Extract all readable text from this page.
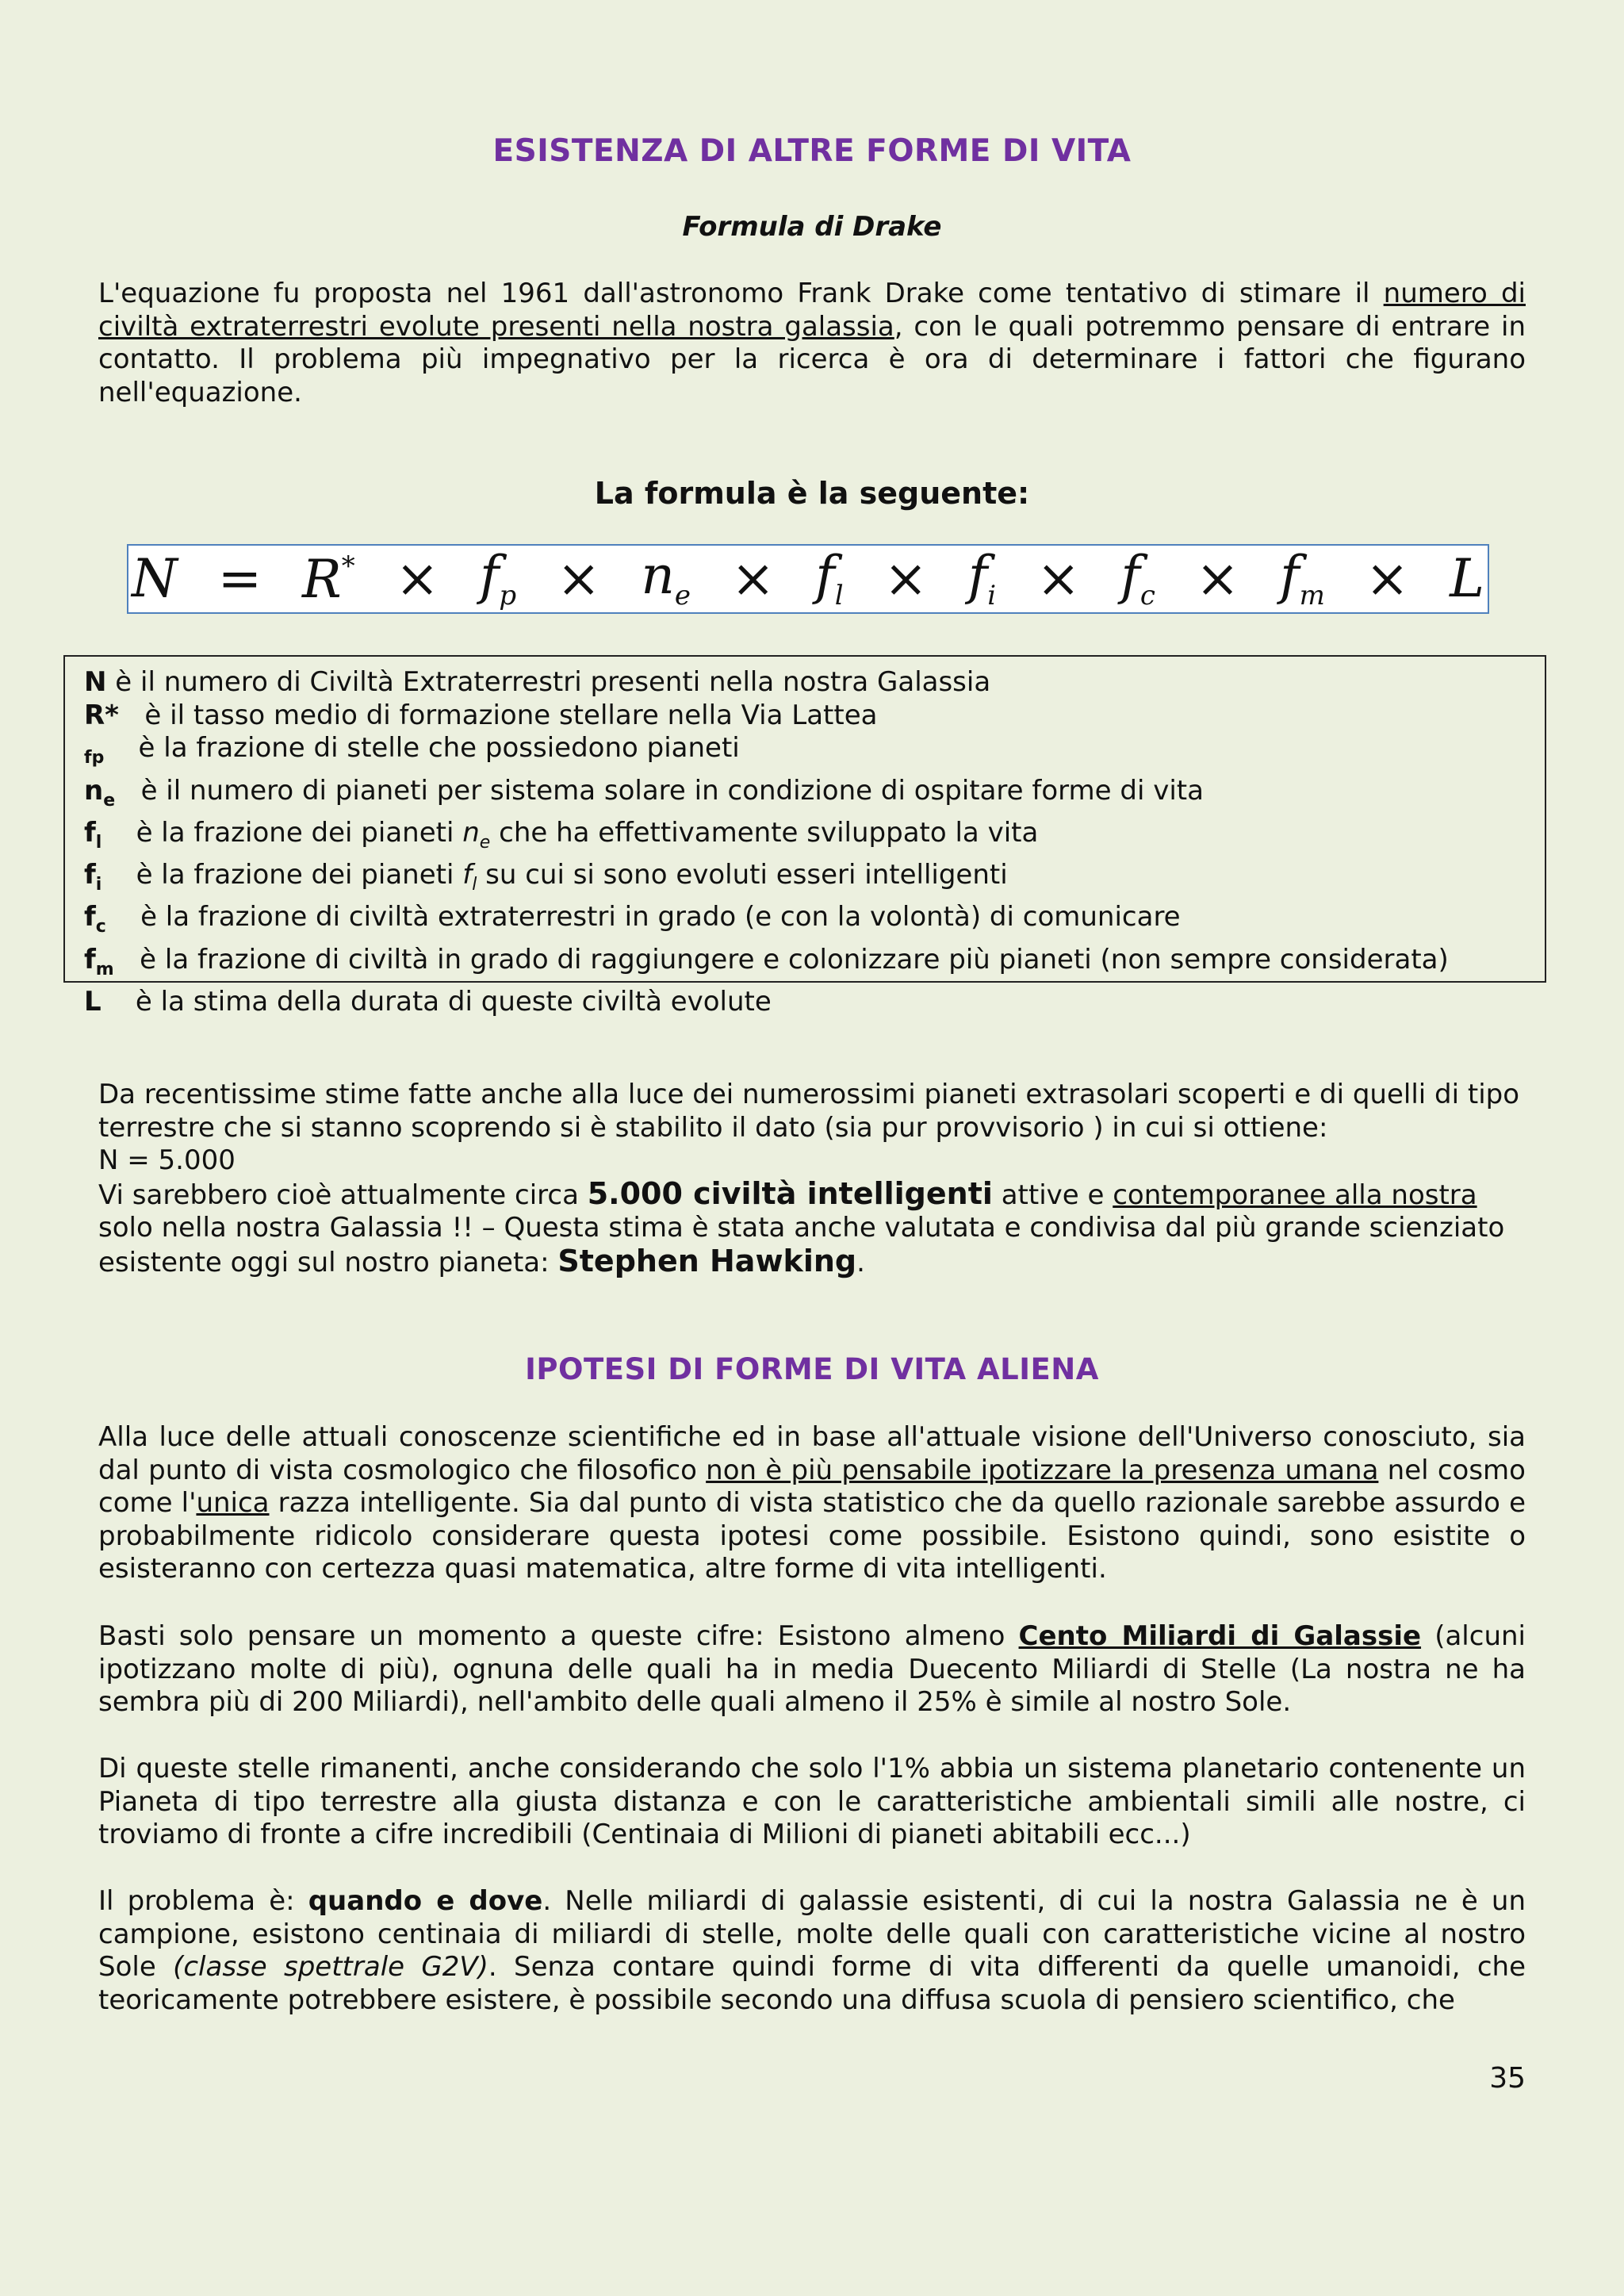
ESISTENZA DI ALTRE FORME DI VITA
Formula di Drake

L'equazione fu proposta nel 1961 dall'astronomo Frank Drake come tentativo di stimare il numero di civiltà extraterrestri evolute presenti nella nostra galassia, con le quali potremmo pensare di entrare in contatto. Il problema più impegnativo per la ricerca è ora di determinare i fattori che figurano nell'equazione.

La formula è la seguente:
$N = R^* \times f_p \times n_e \times f_l \times f_i \times f_c \times f_m \times L$
N è il numero di Civiltà Extraterrestri presenti nella nostra Galassia
R* è il tasso medio di formazione stellare nella Via Lattea
fp è la frazione di stelle che possiedono pianeti
$n_e$ è il numero di pianeti per sistema solare in condizione di ospitare forme di vita
$f_l$ è la frazione dei pianeti $n_e$ che ha effettivamente sviluppato la vita
$f_i$ è la frazione dei pianeti $f_l$ su cui si sono evoluti esseri intelligenti
$f_c$ è la frazione di civiltà extraterrestri in grado (e con la volontà) di comunicare
$f_m$ è la frazione di civiltà in grado di raggiungere e colonizzare più pianeti (non sempre considerata)
L è la stima della durata di queste civiltà evolute

Da recentissime stime fatte anche alla luce dei numerossimi pianeti extrasolari scoperti e di quelli di tipo terrestre che si stanno scoprendo si è stabilito il dato (sia pur provvisorio ) in cui si ottiene:

N = 5.000

Vi sarebbero cioè attualmente circa 5.000 civiltà intelligenti attive e contemporanee alla nostra solo nella nostra Galassia !! – Questa stima è stata anche valutata e condivisa dal più grande scienziato esistente oggi sul nostro pianeta: Stephen Hawking.

IPOTESI DI FORME DI VITA ALIENA

Alla luce delle attuali conoscenze scientifiche ed in base all'attuale visione dell'Universo conosciuto, sia dal punto di vista cosmologico che filosofico non è più pensabile ipotizzare la presenza umana nel cosmo come l'unica razza intelligente. Sia dal punto di vista statistico che da quello razionale sarebbe assurdo e probabilmente ridicolo considerare questa ipotesi come possibile. Esistono quindi, sono esistite o esisteranno con certezza quasi matematica, altre forme di vita intelligenti.

Basti solo pensare un momento a queste cifre: Esistono almeno Cento Miliardi di Galassie (alcuni ipotizzano molte di più), ognuna delle quali ha in media Duecento Miliardi di Stelle (La nostra ne ha sembra più di 200 Miliardi), nell'ambito delle quali almeno il 25% è simile al nostro Sole.

Di queste stelle rimanenti, anche considerando che solo l'1% abbia un sistema planetario contenente un Pianeta di tipo terrestre alla giusta distanza e con le caratteristiche ambientali simili alle nostre, ci troviamo di fronte a cifre incredibili (Centinaia di Milioni di pianeti abitabili ecc...)

Il problema è: quando e dove. Nelle miliardi di galassie esistenti, di cui la nostra Galassia ne è un campione, esistono centinaia di miliardi di stelle, molte delle quali con caratteristiche vicine al nostro Sole (classe spettrale G2V). Senza contare quindi forme di vita differenti da quelle umanoidi, che teoricamente potrebbere esistere, è possibile secondo una diffusa scuola di pensiero scientifico, che

35
